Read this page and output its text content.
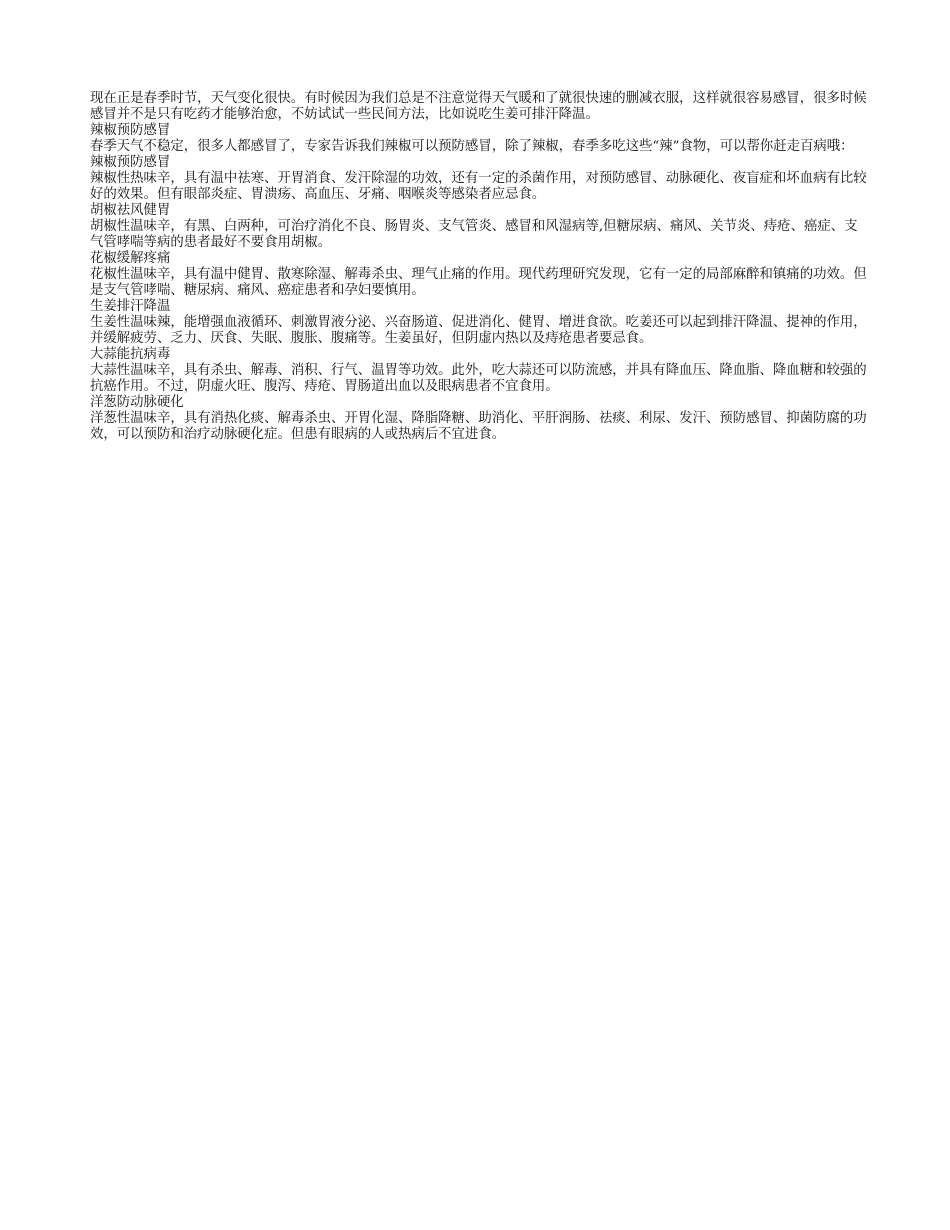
现在正是春季时节，天气变化很快。有时候因为我们总是不注意觉得天气暖和了就很快速的删减衣服，这样就很容易感冒，很多时候感冒并不是只有吃药才能够治愈，不妨试试一些民间方法，比如说吃生姜可排汗降温。

辣椒预防感冒

春季天气不稳定，很多人都感冒了，专家告诉我们辣椒可以预防感冒，除了辣椒，春季多吃这些“辣”食物，可以帮你赶走百病哦：

辣椒预防感冒

辣椒性热味辛，具有温中祛寒、开胃消食、发汗除湿的功效，还有一定的杀菌作用，对预防感冒、动脉硬化、夜盲症和坏血病有比较好的效果。但有眼部炎症、胃溃疡、高血压、牙痛、咽喉炎等感染者应忌食。

胡椒祛风健胃

胡椒性温味辛，有黑、白两种，可治疗消化不良、肠胃炎、支气管炎、感冒和风湿病等,但糖尿病、痛风、关节炎、痔疮、癌症、支气管哮喘等病的患者最好不要食用胡椒。

花椒缓解疼痛

花椒性温味辛，具有温中健胃、散寒除湿、解毒杀虫、理气止痛的作用。现代药理研究发现，它有一定的局部麻醉和镇痛的功效。但是支气管哮喘、糖尿病、痛风、癌症患者和孕妇要慎用。

生姜排汗降温

生姜性温味辣，能增强血液循环、刺激胃液分泌、兴奋肠道、促进消化、健胃、增进食欲。吃姜还可以起到排汗降温、提神的作用，并缓解疲劳、乏力、厌食、失眠、腹胀、腹痛等。生姜虽好，但阴虚内热以及痔疮患者要忌食。

大蒜能抗病毒

大蒜性温味辛，具有杀虫、解毒、消积、行气、温胃等功效。此外，吃大蒜还可以防流感，并具有降血压、降血脂、降血糖和较强的抗癌作用。不过，阴虚火旺、腹泻、痔疮、胃肠道出血以及眼病患者不宜食用。

洋葱防动脉硬化

洋葱性温味辛，具有消热化痰、解毒杀虫、开胃化湿、降脂降糖、助消化、平肝润肠、祛痰、利尿、发汗、预防感冒、抑菌防腐的功效，可以预防和治疗动脉硬化症。但患有眼病的人或热病后不宜进食。
